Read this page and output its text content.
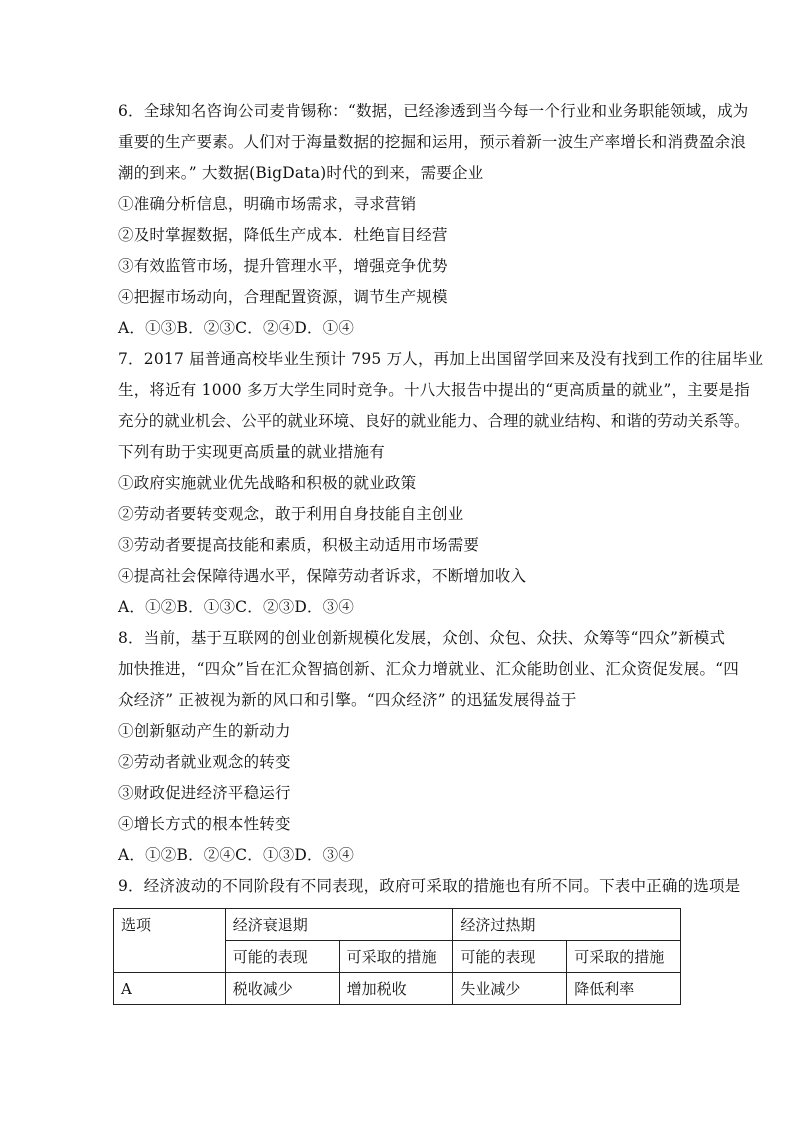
6．全球知名咨询公司麦肯锡称：“数据，已经渗透到当今每一个行业和业务职能领域，成为
重要的生产要素。人们对于海量数据的挖掘和运用，预示着新一波生产率增长和消费盈余浪
潮的到来。” 大数据(BigData)时代的到来，需要企业
①准确分析信息，明确市场需求，寻求营销
②及时掌握数据，降低生产成本．杜绝盲目经营
③有效监管市场，提升管理水平，增强竞争优势
④把握市场动向，合理配置资源，调节生产规模
A．①③B．②③C．②④D．①④
7．2017 届普通高校毕业生预计 795 万人，再加上出国留学回来及没有找到工作的往届毕业
生，将近有 1000 多万大学生同时竞争。十八大报告中提出的“更高质量的就业”，主要是指
充分的就业机会、公平的就业环境、良好的就业能力、合理的就业结构、和谐的劳动关系等。
下列有助于实现更高质量的就业措施有
①政府实施就业优先战略和积极的就业政策
②劳动者要转变观念，敢于利用自身技能自主创业
③劳动者要提高技能和素质，积极主动适用市场需要
④提高社会保障待遇水平，保障劳动者诉求，不断增加收入
A．①②B．①③C．②③D．③④
8．当前，基于互联网的创业创新规模化发展，众创、众包、众扶、众筹等“四众”新模式
加快推进，“四众”旨在汇众智搞创新、汇众力增就业、汇众能助创业、汇众资促发展。“四
众经济” 正被视为新的风口和引擎。“四众经济” 的迅猛发展得益于
①创新躯动产生的新动力
②劳动者就业观念的转变
③财政促进经济平稳运行
④增长方式的根本性转变
A．①②B．②④C．①③D．③④
9．经济波动的不同阶段有不同表现，政府可采取的措施也有所不同。下表中正确的选项是
选项	经济衰退期		经济过热期	
	可能的表现	可采取的措施	可能的表现	可采取的措施
A	税收减少	增加税收	失业减少	降低利率
